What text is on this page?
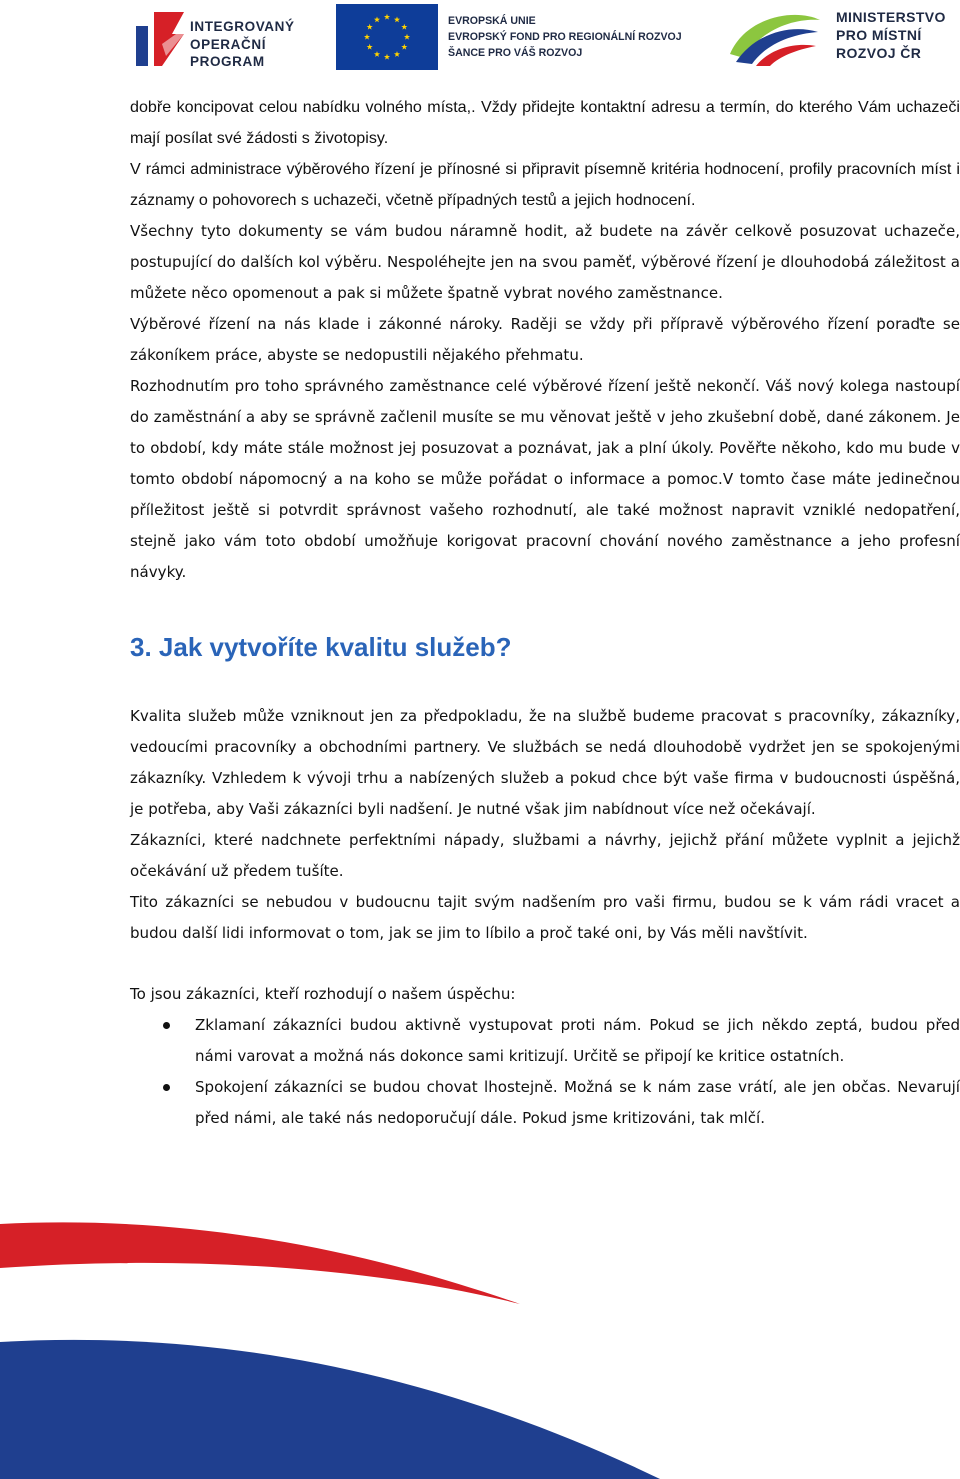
INTEGROVANÝ
OPERAČNÍ
PROGRAM
EVROPSKÁ UNIE
EVROPSKÝ FOND PRO REGIONÁLNÍ ROZVOJ
ŠANCE PRO VÁŠ ROZVOJ
MINISTERSTVO
PRO MÍSTNÍ
ROZVOJ ČR

dobře koncipovat celou nabídku volného místa,. Vždy přidejte kontaktní adresu a termín, do kterého Vám uchazeči mají posílat své žádosti s životopisy.

V rámci administrace výběrového řízení je přínosné si připravit písemně kritéria hodnocení, profily pracovních míst i záznamy o pohovorech s uchazeči, včetně případných testů a jejich hodnocení.

Všechny tyto dokumenty se vám budou náramně hodit, až budete na závěr celkově posuzovat uchazeče, postupující do dalších kol výběru. Nespoléhejte jen na svou paměť, výběrové řízení je dlouhodobá záležitost a můžete něco opomenout a pak si můžete špatně vybrat nového zaměstnance.

Výběrové řízení na nás klade i zákonné nároky. Raději se vždy při přípravě výběrového řízení poraďte se zákoníkem práce, abyste se nedopustili nějakého přehmatu.

Rozhodnutím pro toho správného zaměstnance celé výběrové řízení ještě nekončí. Váš nový kolega nastoupí do zaměstnání a aby se správně začlenil musíte se mu věnovat ještě v jeho zkušební době, dané zákonem. Je to období, kdy máte stále možnost jej posuzovat a poznávat, jak a plní úkoly. Pověřte někoho, kdo mu bude v tomto období nápomocný a na koho se může pořádat o informace a pomoc.V tomto čase máte jedinečnou příležitost ještě si potvrdit správnost vašeho rozhodnutí, ale také možnost napravit vzniklé nedopatření, stejně jako vám toto období umožňuje korigovat pracovní chování nového zaměstnance a jeho profesní návyky.

3. Jak vytvoříte kvalitu služeb?

Kvalita služeb může vzniknout jen za předpokladu, že na službě budeme pracovat s pracovníky, zákazníky, vedoucími pracovníky a obchodními partnery. Ve službách se nedá dlouhodobě vydržet jen se spokojenými zákazníky. Vzhledem k vývoji trhu a nabízených služeb a pokud chce být vaše firma v budoucnosti úspěšná, je potřeba, aby Vaši zákazníci byli nadšení. Je nutné však jim nabídnout více než očekávají.

Zákazníci, které nadchnete perfektními nápady, službami a návrhy, jejichž přání můžete vyplnit a jejichž očekávání už předem tušíte.

Tito zákazníci se nebudou v budoucnu tajit svým nadšením pro vaši firmu, budou se k vám rádi vracet a budou další lidi informovat o tom, jak se jim to líbilo a proč také oni, by Vás měli navštívit.

To jsou zákazníci, kteří rozhodují o našem úspěchu:

Zklamaní zákazníci budou aktivně vystupovat proti nám. Pokud se jich někdo zeptá, budou před námi varovat a možná nás dokonce sami kritizují. Určitě se připojí ke kritice ostatních.

Spokojení zákazníci se budou chovat lhostejně. Možná se k nám zase vrátí, ale jen občas. Nevarují před námi, ale také nás nedoporučují dále. Pokud jsme kritizováni, tak mlčí.
